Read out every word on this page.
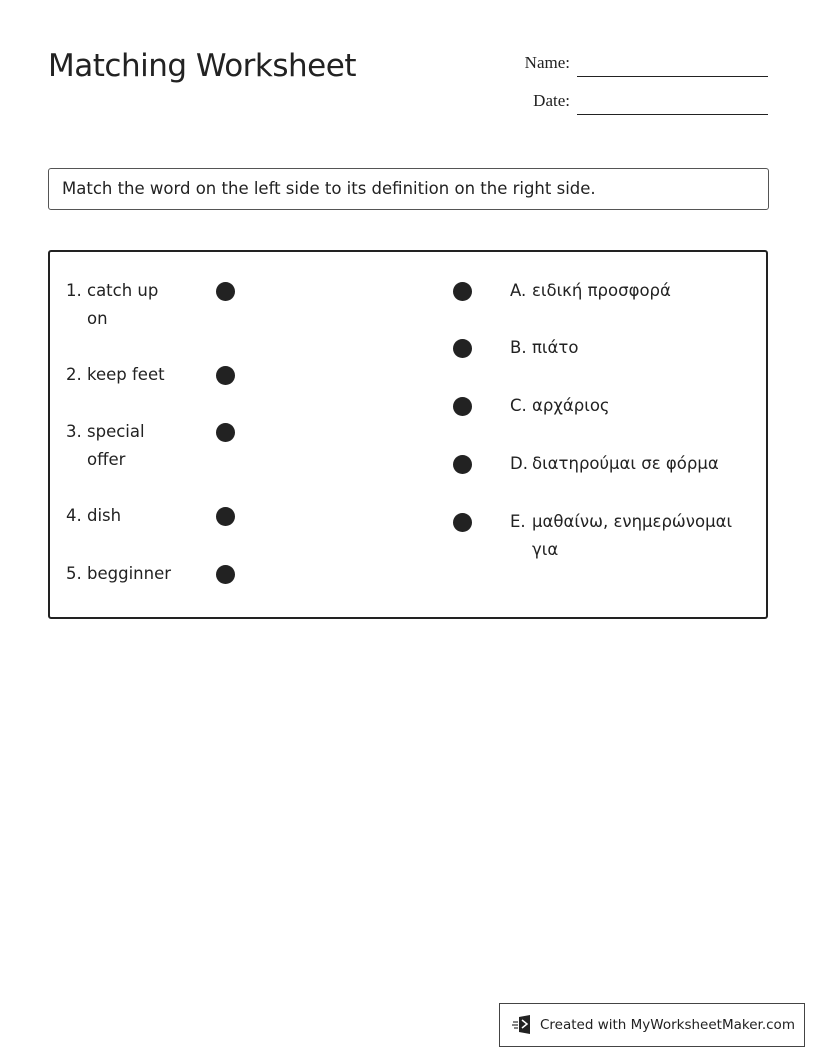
Matching Worksheet	Name:
Date:
Match the word on the left side to its definition on the right side.
1. catch up
on
2. keep feet
3. special
offer
4. dish
5. begginner
A. ειδική προσφορά
B. πιάτο
C. αρχάριος
D. διατηρούμαι σε φόρμα
E. μαθαίνω, ενημερώνομαι
για
Created with MyWorksheetMaker.com
